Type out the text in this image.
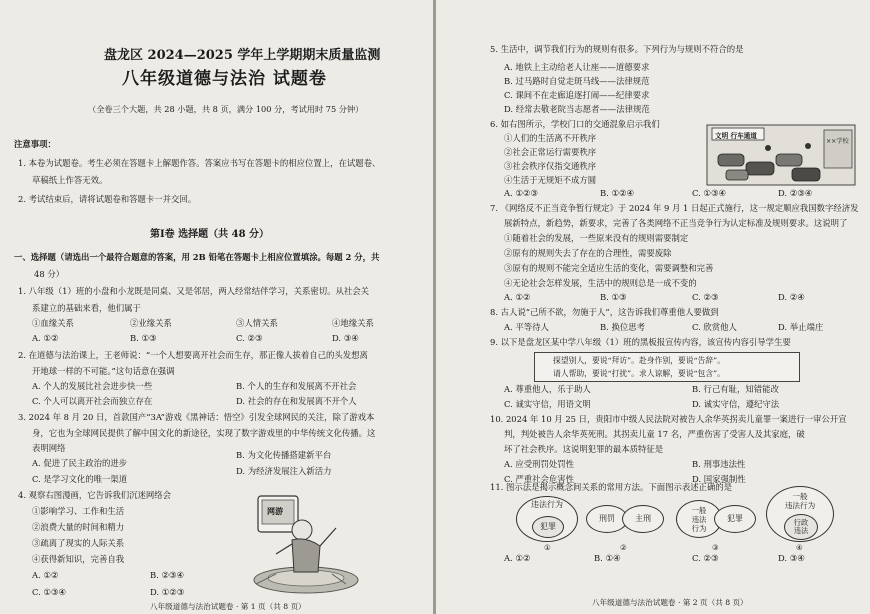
盘龙区 2024—2025 学年上学期期末质量监测
八年级道德与法治 试题卷
（全卷三个大题，共 28 小题，共 8 页，满分 100 分，考试用时 75 分钟）
注意事项：
1. 本卷为试题卷。考生必须在答题卡上解题作答。答案应书写在答题卡的相应位置上，在试题卷、
草稿纸上作答无效。
2. 考试结束后，请将试题卷和答题卡一并交回。
第Ⅰ卷 选择题（共 48 分）
一、选择题（请选出一个最符合题意的答案，用 2B 铅笔在答题卡上相应位置填涂。每题 2 分，共
48 分）
1. 八年级（1）班的小盘和小龙既是同桌、又是邻居，两人经常结伴学习，关系密切。从社会关
系建立的基础来看，他们属于
①血缘关系	②业缘关系	③人情关系	④地缘关系
A. ①②	B. ①③	C. ②③	D. ③④
2. 在道德与法治课上，王老师说：“一个人想要离开社会而生存，那正像人拔着自己的头发想离
开地球一样的不可能。”这句话意在强调
A. 个人的发展比社会进步快一些	B. 个人的生存和发展离不开社会
C. 个人可以离开社会而独立存在	D. 社会的存在和发展离不开个人
3. 2024 年 8 月 20 日，首款国产“3A”游戏《黑神话：悟空》引发全球网民的关注，除了游戏本
身，它也为全球网民提供了解中国文化的新途径，实现了数字游戏里的中华传统文化传播。这
表明网络
A. 促进了民主政治的进步
B. 为文化传播搭建新平台
C. 是学习文化的唯一渠道
D. 为经济发展注入新活力
4. 观察右图漫画，它告诉我们沉迷网络会
①影响学习、工作和生活
②浪费大量的时间和精力
③疏离了现实的人际关系
④获得新知识，完善自我
A. ①②	B. ②③④
C. ①③④	D. ①②③
网游
八年级道德与法治试题卷 · 第 1 页（共 8 页）
5. 生活中，调节我们行为的规则有很多。下列行为与规则不符合的是
A. 地铁上主动给老人让座——道德要求
B. 过马路时自觉走斑马线——法律规范
C. 课间不在走廊追逐打闹——纪律要求
D. 经常去敬老院当志愿者——法律规范
6. 如右图所示，学校门口的交通混象启示我们
①人们的生活离不开秩序
②社会正常运行需要秩序
③社会秩序仅指交通秩序
④生活于无规矩不成方圆
A. ①②③	B. ①②④	C. ①③④	D. ②③④
文明 行车通道
××学校
7. 《网络反不正当竞争暂行规定》于 2024 年 9 月 1 日起正式施行，这一规定顺应我国数字经济发
展新特点，新趋势，新要求，完善了各类网络不正当竞争行为认定标准及规则要求。这说明了
①随着社会的发展，一些原来没有的规则需要制定
②原有的规则失去了存在的合理性，需要废除
③原有的规则不能完全适应生活的变化，需要调整和完善
④无论社会怎样发展，生活中的规则总是一成不变的
A. ①②	B. ①③	C. ②③	D. ②④
8. 古人说“己所不欲，勿施于人”，这告诉我们尊重他人要做到
A. 平等待人	B. 换位思考	C. 欣赏他人	D. 举止端庄
9. 以下是盘龙区某中学八年级（1）班的黑板报宣传内容，该宣传内容引导学生要
探望别人，要说“拜访”。赴身作别，要说“告辞”。
请人帮助，要说“打扰”。求人谅解，要说“包含”。
A. 尊重他人，乐于助人	B. 行己有耻，知错能改
C. 诚实守信，用语文明	D. 诚实守信，遵纪守法
10. 2024 年 10 月 25 日，贵阳市中级人民法院对被告人余华英拐卖儿童罪一案进行一审公开宣
判，判处被告人余华英死刑。其拐卖儿童 17 名，严重伤害了受害人及其家庭，破
坏了社会秩序。这说明犯罪的最本质特征是
A. 应受刑罚处罚性	B. 刑事违法性
C. 严重社会危害性	D. 国家强制性
11. 图示法是揭示概念间关系的常用方法。下面图示表述正确的是
违法行为
犯罪
刑罚	主刑
一般
违法
行为
犯罪
一般
违法行为
行政
违法
①	②	③	④
A. ①②	B. ①④	C. ②③	D. ③④
八年级道德与法治试题卷 · 第 2 页（共 8 页）
